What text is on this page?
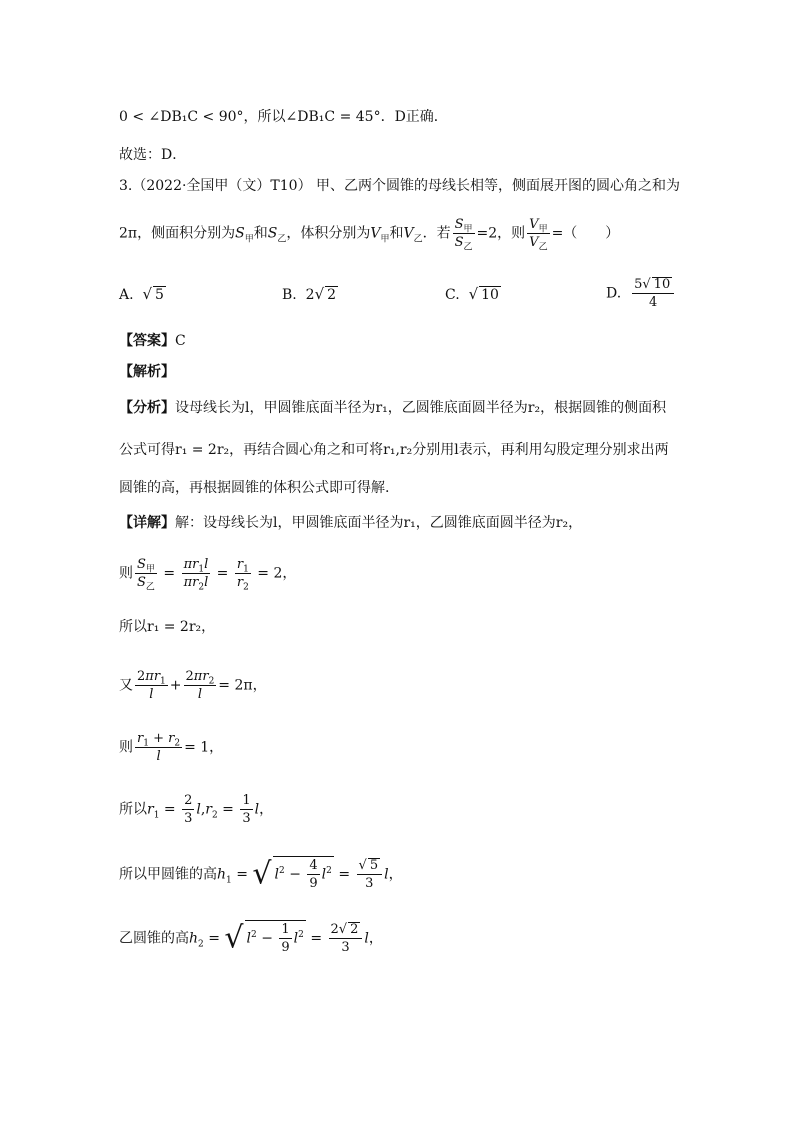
0 < ∠DB₁C < 90°，所以∠DB₁C = 45°．D正确．
故选：D．
3.（2022·全国甲（文）T10） 甲、乙两个圆锥的母线长相等，侧面展开图的圆心角之和为
2π，侧面积分别为$S_甲$和$S_乙$，体积分别为$V_甲$和$V_乙$．若 $\frac{S_甲}{S_乙} =2$，则 $\frac{V_甲}{V_乙}$ =（　　）
A. √ 5	B. 2√ 2	C. √ 10	D. $\frac{5√ 10}{4}$
【答案】C
【解析】
【分析】设母线长为l，甲圆锥底面半径为r₁，乙圆锥底面圆半径为r₂，根据圆锥的侧面积
公式可得r₁ = 2r₂，再结合圆心角之和可将r₁,r₂分别用l表示，再利用勾股定理分别求出两
圆锥的高，再根据圆锥的体积公式即可得解.
【详解】解：设母线长为l，甲圆锥底面半径为r₁，乙圆锥底面圆半径为r₂，
则 $\frac{S_甲}{S_乙} = \frac{\pi r_1l}{\pi r_2l} = \frac{r_1}{r_2} = 2$，
所以r₁ = 2r₂，
又 $\frac{2\pi r_1}{l} + \frac{2\pi r_2}{l} = 2\pi$，
则 $\frac{r_1 + r_2}{l} = 1$，
所以$r_1 = \frac{2}{3} l,r_2 = \frac{1}{3}$ l，
所以甲圆锥的高$h_1$ = √ $l^2 - \frac{4}{9} l^2 = \frac{√ 5}{3}$ l，
乙圆锥的高$h_2$ = √ $l^2 - \frac{1}{9} l^2 = \frac{2√ 2}{3}$ l，
